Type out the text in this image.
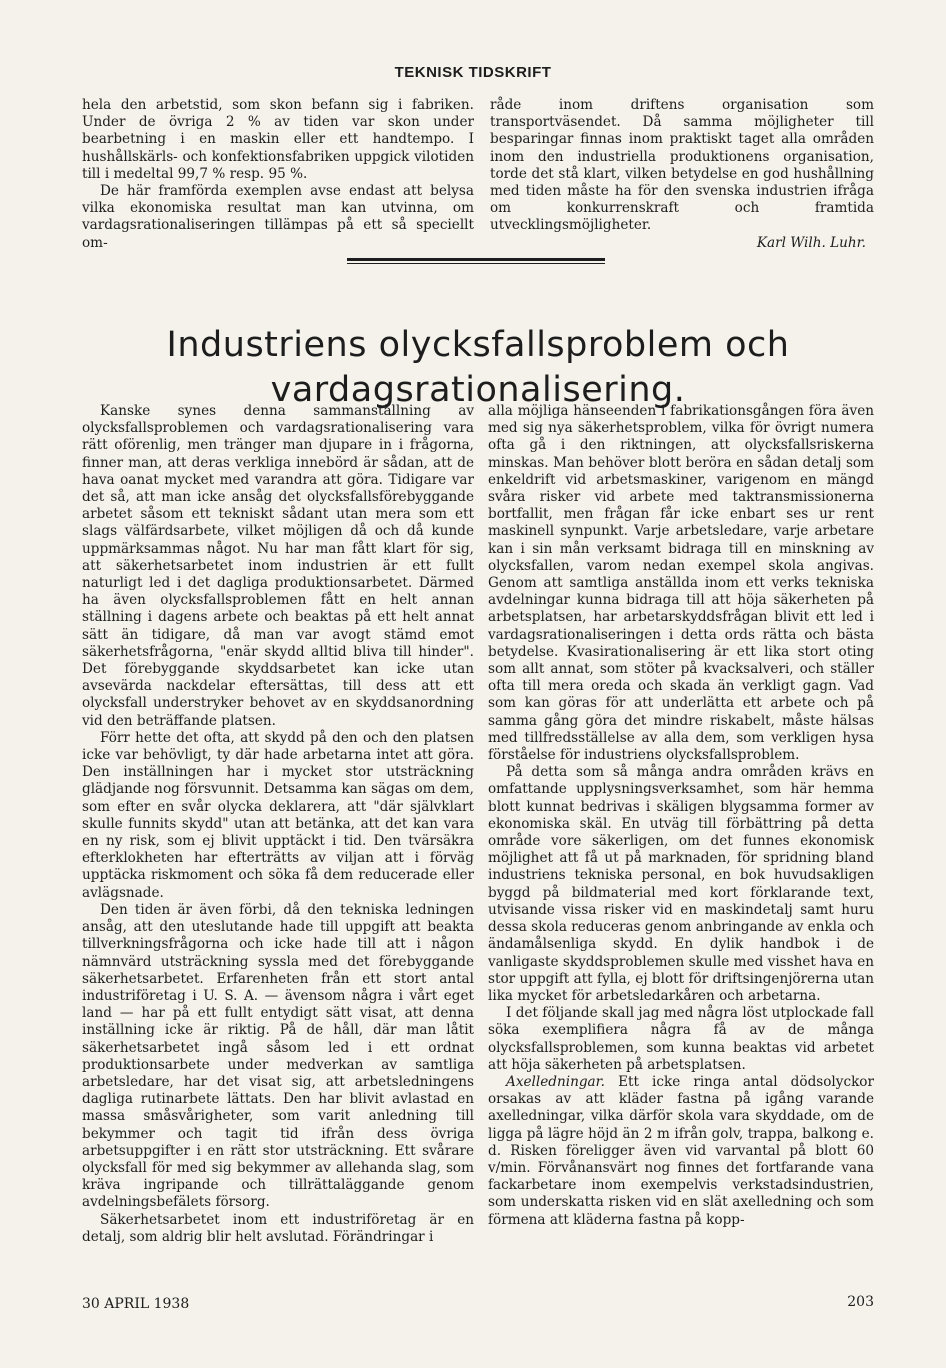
TEKNISK TIDSKRIFT

hela den arbetstid, som skon befann sig i fabriken. Under de övriga 2 % av tiden var skon under bearbetning i en maskin eller ett handtempo. I hushållskärls- och konfektionsfabriken uppgick vilotiden till i medeltal 99,7 % resp. 95 %.

De här framförda exemplen avse endast att belysa vilka ekonomiska resultat man kan utvinna, om vardagsrationaliseringen tillämpas på ett så speciellt om-

råde inom driftens organisation som transportväsendet. Då samma möjligheter till besparingar finnas inom praktiskt taget alla områden inom den industriella produktionens organisation, torde det stå klart, vilken betydelse en god hushållning med tiden måste ha för den svenska industrien ifråga om konkurrenskraft och framtida utvecklingsmöjligheter.

Karl Wilh. Luhr.

Industriens olycksfallsproblem och vardagsrationalisering.

Kanske synes denna sammanställning av olycksfallsproblemen och vardagsrationalisering vara rätt oförenlig, men tränger man djupare in i frågorna, finner man, att deras verkliga innebörd är sådan, att de hava oanat mycket med varandra att göra. Tidigare var det så, att man icke ansåg det olycksfallsförebyggande arbetet såsom ett tekniskt sådant utan mera som ett slags välfärdsarbete, vilket möjligen då och då kunde uppmärksammas något. Nu har man fått klart för sig, att säkerhetsarbetet inom industrien är ett fullt naturligt led i det dagliga produktionsarbetet. Därmed ha även olycksfallsproblemen fått en helt annan ställning i dagens arbete och beaktas på ett helt annat sätt än tidigare, då man var avogt stämd emot säkerhetsfrågorna, "enär skydd alltid bliva till hinder". Det förebyggande skyddsarbetet kan icke utan avsevärda nackdelar eftersättas, till dess att ett olycksfall understryker behovet av en skyddsanordning vid den beträffande platsen.

Förr hette det ofta, att skydd på den och den platsen icke var behövligt, ty där hade arbetarna intet att göra. Den inställningen har i mycket stor utsträckning glädjande nog försvunnit. Detsamma kan sägas om dem, som efter en svår olycka deklarera, att "där självklart skulle funnits skydd" utan att betänka, att det kan vara en ny risk, som ej blivit upptäckt i tid. Den tvärsäkra efterklokheten har efterträtts av viljan att i förväg upptäcka riskmoment och söka få dem reducerade eller avlägsnade.

Den tiden är även förbi, då den tekniska ledningen ansåg, att den uteslutande hade till uppgift att beakta tillverkningsfrågorna och icke hade till att i någon nämnvärd utsträckning syssla med det förebyggande säkerhetsarbetet. Erfarenheten från ett stort antal industriföretag i U. S. A. — ävensom några i vårt eget land — har på ett fullt entydigt sätt visat, att denna inställning icke är riktig. På de håll, där man låtit säkerhetsarbetet ingå såsom led i ett ordnat produktionsarbete under medverkan av samtliga arbetsledare, har det visat sig, att arbetsledningens dagliga rutinarbete lättats. Den har blivit avlastad en massa småsvårigheter, som varit anledning till bekymmer och tagit tid ifrån dess övriga arbetsuppgifter i en rätt stor utsträckning. Ett svårare olycksfall för med sig bekymmer av allehanda slag, som kräva ingripande och tillrättaläggande genom avdelningsbefälets försorg.

Säkerhetsarbetet inom ett industriföretag är en detalj, som aldrig blir helt avslutad. Förändringar i

alla möjliga hänseenden i fabrikationsgången föra även med sig nya säkerhetsproblem, vilka för övrigt numera ofta gå i den riktningen, att olycksfallsriskerna minskas. Man behöver blott beröra en sådan detalj som enkeldrift vid arbetsmaskiner, varigenom en mängd svåra risker vid arbete med taktransmissionerna bortfallit, men frågan får icke enbart ses ur rent maskinell synpunkt. Varje arbetsledare, varje arbetare kan i sin mån verksamt bidraga till en minskning av olycksfallen, varom nedan exempel skola angivas. Genom att samtliga anställda inom ett verks tekniska avdelningar kunna bidraga till att höja säkerheten på arbetsplatsen, har arbetarskyddsfrågan blivit ett led i vardagsrationaliseringen i detta ords rätta och bästa betydelse. Kvasirationalisering är ett lika stort oting som allt annat, som stöter på kvacksalveri, och ställer ofta till mera oreda och skada än verkligt gagn. Vad som kan göras för att underlätta ett arbete och på samma gång göra det mindre riskabelt, måste hälsas med tillfredsställelse av alla dem, som verkligen hysa förståelse för industriens olycksfallsproblem.

På detta som så många andra områden krävs en omfattande upplysningsverksamhet, som här hemma blott kunnat bedrivas i skäligen blygsamma former av ekonomiska skäl. En utväg till förbättring på detta område vore säkerligen, om det funnes ekonomisk möjlighet att få ut på marknaden, för spridning bland industriens tekniska personal, en bok huvudsakligen byggd på bildmaterial med kort förklarande text, utvisande vissa risker vid en maskindetalj samt huru dessa skola reduceras genom anbringande av enkla och ändamålsenliga skydd. En dylik handbok i de vanligaste skyddsproblemen skulle med visshet hava en stor uppgift att fylla, ej blott för driftsingenjörerna utan lika mycket för arbetsledarkåren och arbetarna.

I det följande skall jag med några löst utplockade fall söka exemplifiera några få av de många olycksfallsproblemen, som kunna beaktas vid arbetet att höja säkerheten på arbetsplatsen.

Axelledningar. Ett icke ringa antal dödsolyckor orsakas av att kläder fastna på igång varande axelledningar, vilka därför skola vara skyddade, om de ligga på lägre höjd än 2 m ifrån golv, trappa, balkong e. d. Risken föreligger även vid varvantal på blott 60 v/min. Förvånansvärt nog finnes det fortfarande vana fackarbetare inom exempelvis verkstadsindustrien, som underskatta risken vid en slät axelledning och som förmena att kläderna fastna på kopp-

30 APRIL 1938	203
